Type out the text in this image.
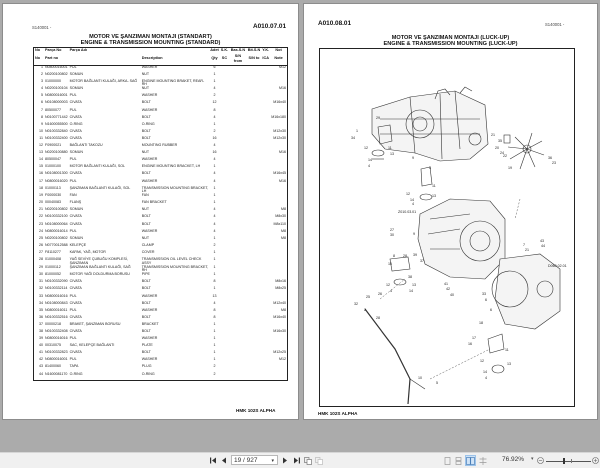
S140001 -	A010.07.01
MOTOR VE ŞANZIMAN MONTAJI (STANDART)
ENGINE & TRANSMISSION MOUNTING (STANDARD)
No	Parça No	Parça Adı		Adet	S.K.	Bas.S.N	Bit.S.N	Y.K.	Not
No	Part no		Description	Qty	SC	S/N from	S/N to	ICA	Note
1	N0800016001	PUL	WASHER	6					M12
2	N0200100802	SOMUN	NUT	1					
3	01000000	MOTOR BAĞLANTI KULAĞI, ARKA- SAĞ	ENGINE MOUNTING BRAKET, REAR-RH	1					
4	N0200100104	SOMUN	NUT	4					M16
5	N0800016001	PUL	WASHER	2					
6	N0108000003	CIVATA	BOLT	12					M16x40
7	80500077	PUL	WASHER	8					
8	N0100771442	CIVATA	BOLT	4					M16x180
9	N1600055500	O-RING	O-RING	1					
10	N0100332840	CIVATA	BOLT	2					M12x30
11	N0100332400	CIVATA	BOLT	16					M12x30
12	F0900021	BAĞLANTI TAKOZU	MOUNTING RUBBER	4					
13	N0200100880	SOMUN	NUT	16					M16
14	80500047	PUL	WASHER	4					
15	01000100	MOTOR BAĞLANTI KULAĞI, SOL	ENGINE MOUNTING BRACKET, LH	1					
16	N0108001300	CIVATA	BOLT	4					M16x45
17	N0800016020	PUL	WASHER	4					M16
18	01000113	ŞANZIMAN BAĞLANTI KULAĞI, SOL	TRANSMISSION MOUNTING BRACKET, LH	1					
19	F0000030	FAN	FAN	1					
20	00040083	FLANŞ	FAN BRACKET	1					
21	N0200100802	SOMUN	NUT	4					M8
22	N0100332100	CIVATA	BOLT	4					M8x30
23	N0108000064	CIVATA	BOLT	4					M8x110
24	N0800016014	PUL	WASHER	4					M8
25	N0200100802	SOMUN	NUT	1					M8
26	N0770012588	KELEPÇE	CLAMP	2					
27	F8110277	KAPAK, YAĞ, MOTOR	COVER	1					
28	01000408	YAĞ SEVİYE ÇUBUĞU KOMPLESİ, ŞANZIMAN	TRANSMISSION OIL LEVEL CHECK ASSY	1					
29	01000112	ŞANZIMAN BAĞLANTI KULAĞI, SAĞ	TRANSMISSION MOUNTING BRACKET, RH	1					
30	81000052	MOTOR YAĞI DOLDURMA BORUSU	PIPE	1					
31	N0100332090	CIVATA	BOLT	8					M8x16
32	N0100332114	CIVATA	BOLT	1					M8x25
33	N0800016016	PUL	WASHER	13					
34	N0108000843	CIVATA	BOLT	4					M12x40
35	N0800016011	PUL	WASHER	8					M8
36	N0100332516	CIVATA	BOLT	8					M16x40
37	00000218	BRAKET, ŞANZIMAN BORUSU	BRACKET	1					
38	N0100332408	CIVATA	BOLT	1					M16x30
39	N0800016016	PUL	WASHER	1					
40	00310075	SAC, KELEPÇE BAĞLANTI	PLATE	1					
41	N0100332823	CIVATA	BOLT	1					M12x25
42	N0800016001	PUL	WASHER	1					M12
43	81400060	TAPA	PLUG	2					
44	N1600081170	O-RING	O-RING	2					
HMK 102S ALPHA
A010.08.01	S140001 -
MOTOR VE ŞANZIMAN MONTAJI (LUCK-UP)
ENGINE & TRANSMISSION MOUNTING (LUCK-UP)
29
1
34
12	11
13
14
4
9
3
11
12	13
14
4
21
35
20
24
22	36
23
19
Z010.03.01
27
30	9
8 28 39
37
15
38
12	13
4	14
41
42
40
7
43
44
21
D060.02.01
33
6
6
18
17
16
11
12
13
14
4
26
25
32
2
28
10
5
HMK 102S ALPHA
19 / 927	▾	76.92% ▾
